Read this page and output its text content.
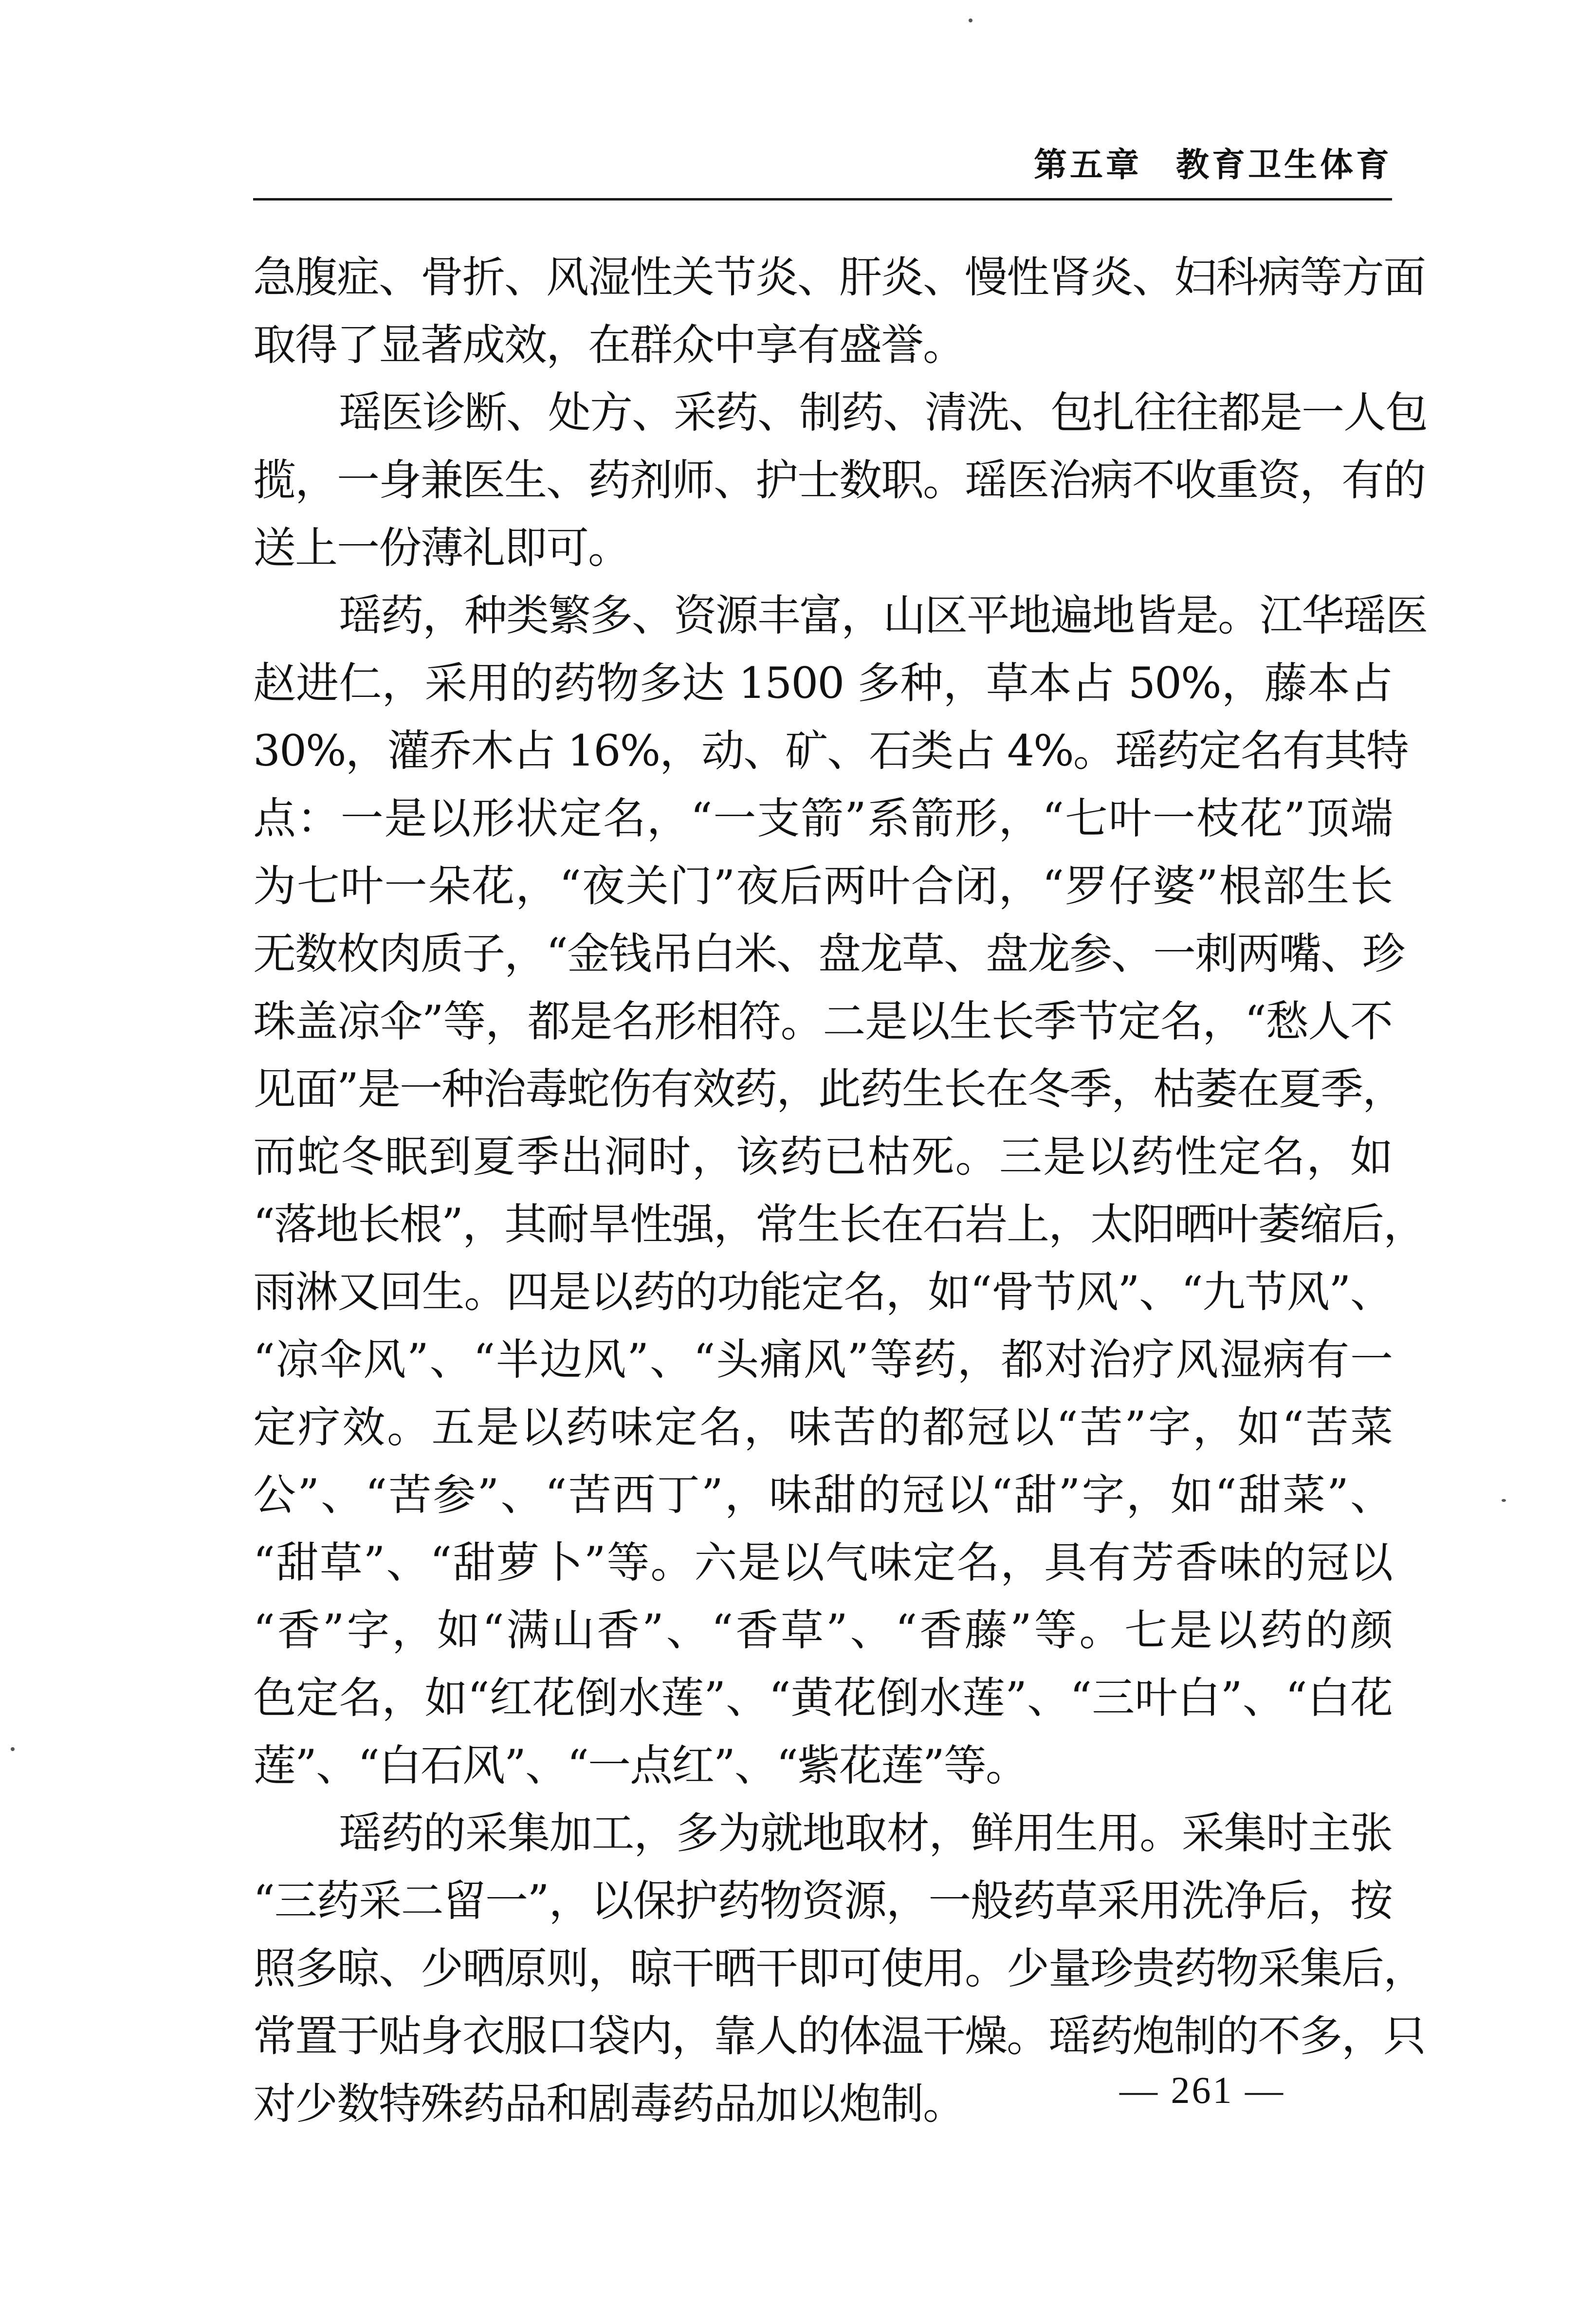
第五章 教育卫生体育
急腹症、骨折、风湿性关节炎、肝炎、慢性肾炎、妇科病等方面
取得了显著成效，在群众中享有盛誉。
瑶医诊断、处方、采药、制药、清洗、包扎往往都是一人包
揽，一身兼医生、药剂师、护士数职。瑶医治病不收重资，有的
送上一份薄礼即可。
瑶药，种类繁多、资源丰富，山区平地遍地皆是。江华瑶医
赵进仁，采用的药物多达 1500 多种，草本占 50%，藤本占
30%，灌乔木占 16%，动、矿、石类占 4%。瑶药定名有其特
点：一是以形状定名，“一支箭”系箭形，“七叶一枝花”顶端
为七叶一朵花，“夜关门”夜后两叶合闭，“罗仔婆”根部生长
无数枚肉质子，“金钱吊白米、盘龙草、盘龙参、一刺两嘴、珍
珠盖凉伞”等，都是名形相符。二是以生长季节定名，“愁人不
见面”是一种治毒蛇伤有效药，此药生长在冬季，枯萎在夏季，
而蛇冬眠到夏季出洞时，该药已枯死。三是以药性定名，如
“落地长根”，其耐旱性强，常生长在石岩上，太阳晒叶萎缩后，
雨淋又回生。四是以药的功能定名，如“骨节风”、“九节风”、
“凉伞风”、“半边风”、“头痛风”等药，都对治疗风湿病有一
定疗效。五是以药味定名，味苦的都冠以“苦”字，如“苦菜
公”、“苦参”、“苦西丁”，味甜的冠以“甜”字，如“甜菜”、
“甜草”、“甜萝卜”等。六是以气味定名，具有芳香味的冠以
“香”字，如“满山香”、“香草”、“香藤”等。七是以药的颜
色定名，如“红花倒水莲”、“黄花倒水莲”、“三叶白”、“白花
莲”、“白石风”、“一点红”、“紫花莲”等。
瑶药的采集加工，多为就地取材，鲜用生用。采集时主张
“三药采二留一”，以保护药物资源，一般药草采用洗净后，按
照多晾、少晒原则，晾干晒干即可使用。少量珍贵药物采集后，
常置于贴身衣服口袋内，靠人的体温干燥。瑶药炮制的不多，只
对少数特殊药品和剧毒药品加以炮制。	— 261 —
